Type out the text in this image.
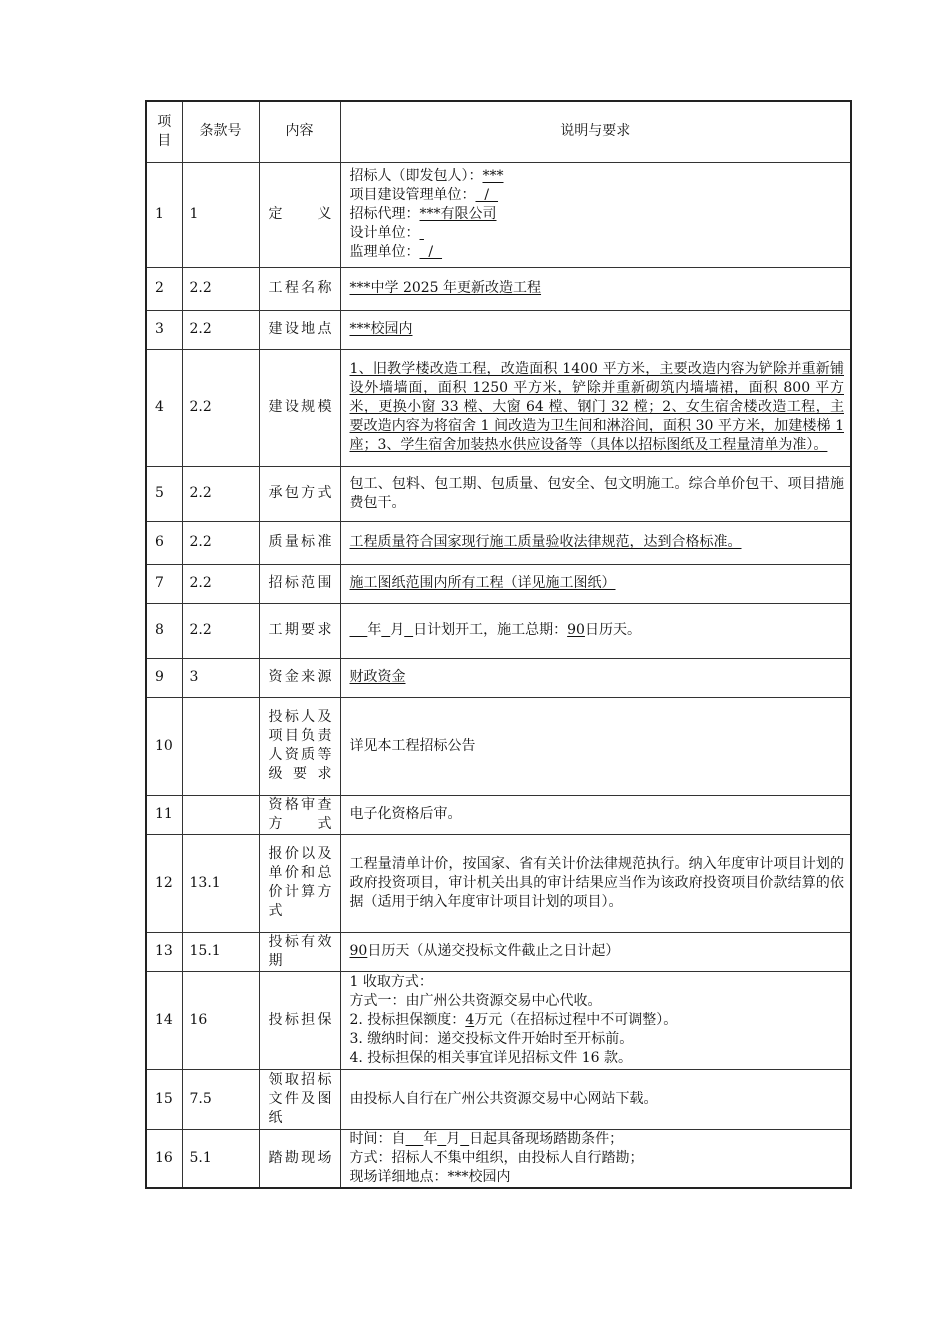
项目	条款号	内容	说明与要求
1	1	定义	招标人（即发包人）：***
项目建设管理单位：  /
招标代理：***有限公司
设计单位：
监理单位：  /

2	2.2	工程名称	***中学 2025 年更新改造工程
3	2.2	建设地点	***校园内
4	2.2	建设规模	1、旧教学楼改造工程，改造面积 1400 平方米，主要改造内容为铲除并重新铺设外墙墙面，面积 1250 平方米，铲除并重新砌筑内墙墙裙，面积 800 平方米，更换小窗 33 樘、大窗 64 樘、钢门 32 樘；2、女生宿舍楼改造工程，主要改造内容为将宿舍 1 间改造为卫生间和淋浴间，面积 30 平方米，加建楼梯 1 座；3、学生宿舍加装热水供应设备等（具体以招标图纸及工程量清单为准）。
5	2.2	承包方式	包工、包料、包工期、包质量、包安全、包文明施工。综合单价包干、项目措施费包干。
6	2.2	质量标准	工程质量符合国家现行施工质量验收法律规范，达到合格标准。
7	2.2	招标范围	施工图纸范围内所有工程（详见施工图纸）
8	2.2	工期要求	年 月 日计划开工，施工总期：90日历天。
9	3	资金来源	财政资金
10		投标人及项目负责人资质等级要求	详见本工程招标公告
11		资格审查方式	电子化资格后审。
12	13.1	报价以及单价和总价计算方式	工程量清单计价，按国家、省有关计价法律规范执行。纳入年度审计项目计划的政府投资项目，审计机关出具的审计结果应当作为该政府投资项目价款结算的依据（适用于纳入年度审计项目计划的项目）。
13	15.1	投标有效期	90日历天（从递交投标文件截止之日计起）
14	16	投标担保	1 收取方式：
方式一：由广州公共资源交易中心代收。
2. 投标担保额度：4万元（在招标过程中不可调整）。
3. 缴纳时间：递交投标文件开始时至开标前。
4. 投标担保的相关事宜详见招标文件 16 款。

15	7.5	领取招标文件及图纸	由投标人自行在广州公共资源交易中心网站下载。
16	5.1	踏勘现场	时间：自 年 月 日起具备现场踏勘条件；
方式：招标人不集中组织，由投标人自行踏勘；
现场详细地点：***校园内
